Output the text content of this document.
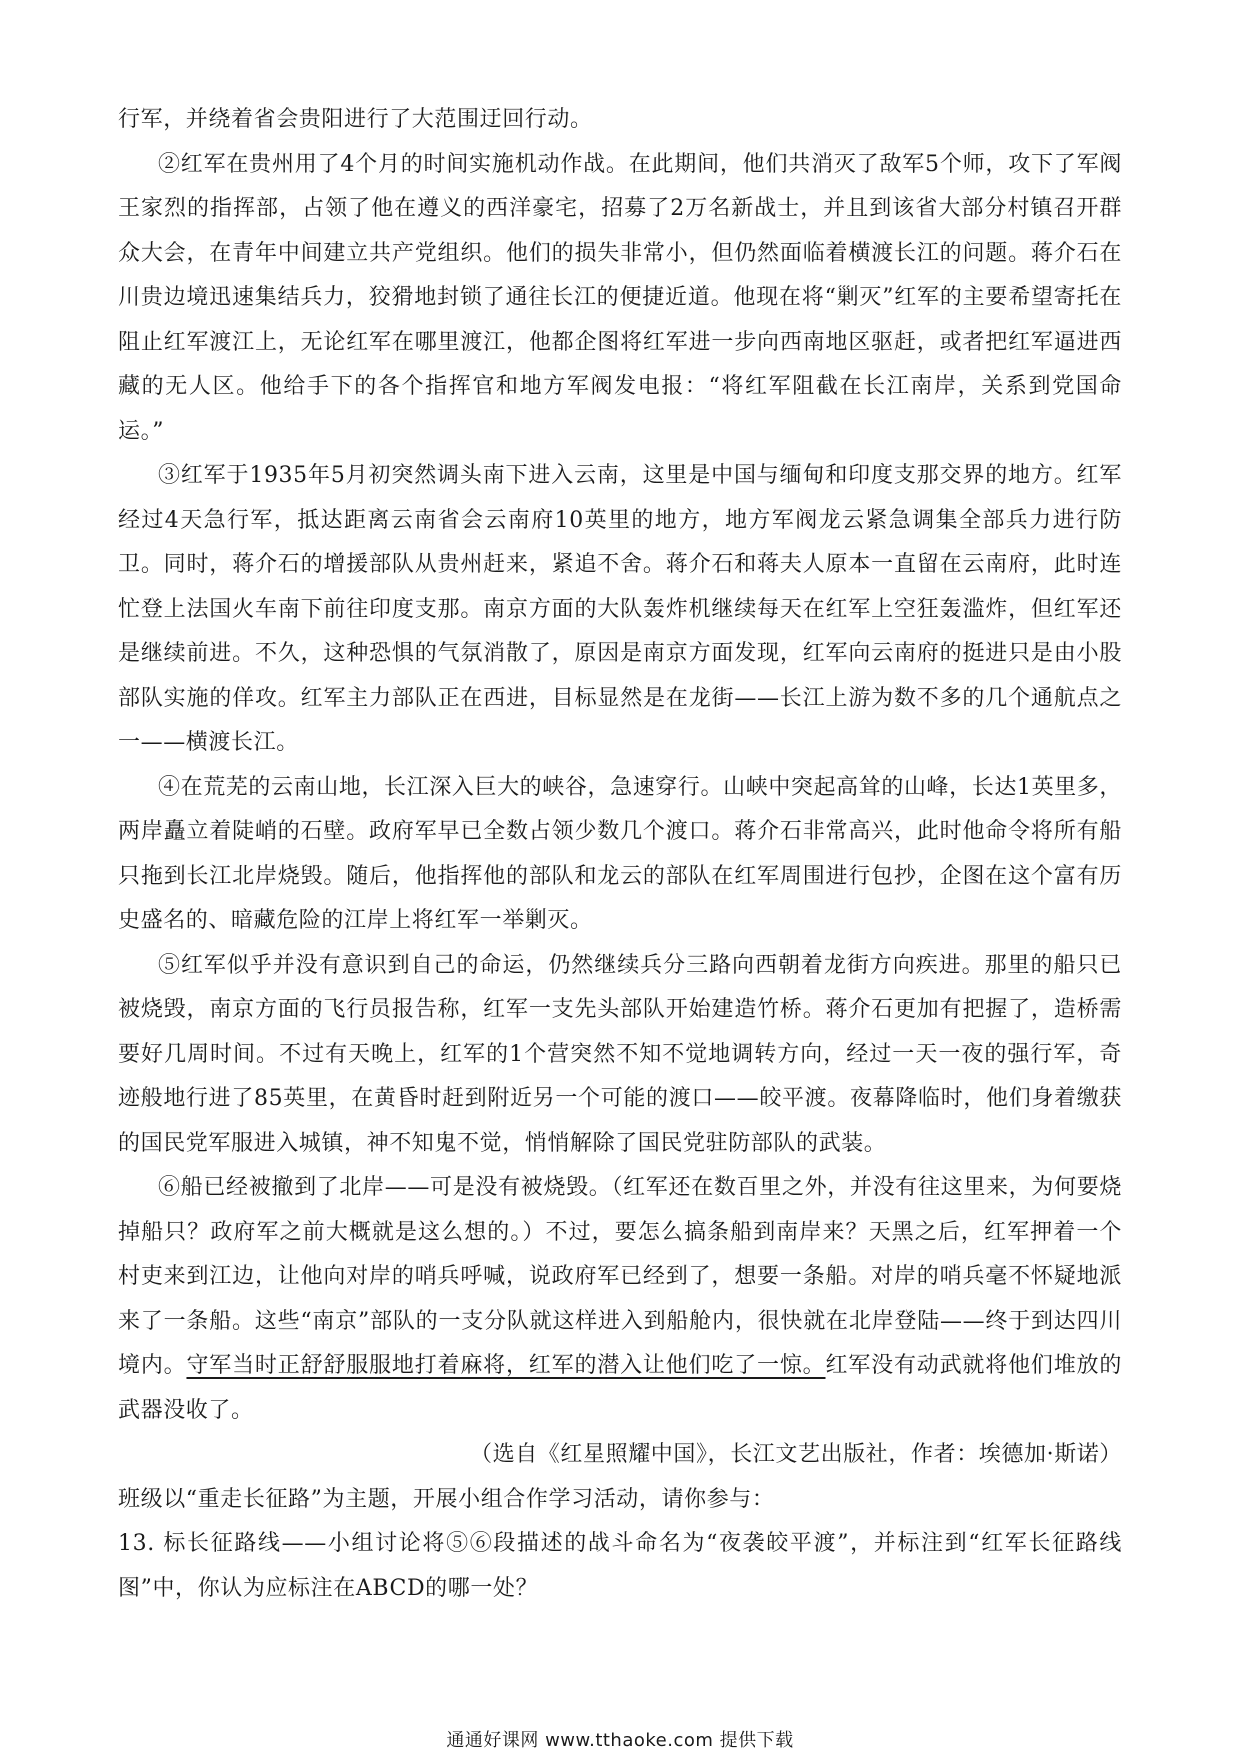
行军，并绕着省会贵阳进行了大范围迂回行动。

②红军在贵州用了4个月的时间实施机动作战。在此期间，他们共消灭了敌军5个师，攻下了军阀王家烈的指挥部，占领了他在遵义的西洋豪宅，招募了2万名新战士，并且到该省大部分村镇召开群众大会，在青年中间建立共产党组织。他们的损失非常小，但仍然面临着横渡长江的问题。蒋介石在川贵边境迅速集结兵力，狡猾地封锁了通往长江的便捷近道。他现在将“剿灭”红军的主要希望寄托在阻止红军渡江上，无论红军在哪里渡江，他都企图将红军进一步向西南地区驱赶，或者把红军逼进西藏的无人区。他给手下的各个指挥官和地方军阀发电报：“将红军阻截在长江南岸，关系到党国命运。”

③红军于1935年5月初突然调头南下进入云南，这里是中国与缅甸和印度支那交界的地方。红军经过4天急行军，抵达距离云南省会云南府10英里的地方，地方军阀龙云紧急调集全部兵力进行防卫。同时，蒋介石的增援部队从贵州赶来，紧追不舍。蒋介石和蒋夫人原本一直留在云南府，此时连忙登上法国火车南下前往印度支那。南京方面的大队轰炸机继续每天在红军上空狂轰滥炸，但红军还是继续前进。不久，这种恐惧的气氛消散了，原因是南京方面发现，红军向云南府的挺进只是由小股部队实施的佯攻。红军主力部队正在西进，目标显然是在龙街——长江上游为数不多的几个通航点之一——横渡长江。

④在荒芜的云南山地，长江深入巨大的峡谷，急速穿行。山峡中突起高耸的山峰，长达1英里多，两岸矗立着陡峭的石壁。政府军早已全数占领少数几个渡口。蒋介石非常高兴，此时他命令将所有船只拖到长江北岸烧毁。随后，他指挥他的部队和龙云的部队在红军周围进行包抄，企图在这个富有历史盛名的、暗藏危险的江岸上将红军一举剿灭。

⑤红军似乎并没有意识到自己的命运，仍然继续兵分三路向西朝着龙街方向疾进。那里的船只已被烧毁，南京方面的飞行员报告称，红军一支先头部队开始建造竹桥。蒋介石更加有把握了，造桥需要好几周时间。不过有天晚上，红军的1个营突然不知不觉地调转方向，经过一天一夜的强行军，奇迹般地行进了85英里，在黄昏时赶到附近另一个可能的渡口——皎平渡。夜幕降临时，他们身着缴获的国民党军服进入城镇，神不知鬼不觉，悄悄解除了国民党驻防部队的武装。

⑥船已经被撤到了北岸——可是没有被烧毁。（红军还在数百里之外，并没有往这里来，为何要烧掉船只？政府军之前大概就是这么想的。）不过，要怎么搞条船到南岸来？天黑之后，红军押着一个村吏来到江边，让他向对岸的哨兵呼喊，说政府军已经到了，想要一条船。对岸的哨兵毫不怀疑地派来了一条船。这些“南京”部队的一支分队就这样进入到船舱内，很快就在北岸登陆——终于到达四川境内。守军当时正舒舒服服地打着麻将，红军的潜入让他们吃了一惊。红军没有动武就将他们堆放的武器没收了。

（选自《红星照耀中国》，长江文艺出版社，作者：埃德加·斯诺）

班级以“重走长征路”为主题，开展小组合作学习活动，请你参与：

13. 标长征路线——小组讨论将⑤⑥段描述的战斗命名为“夜袭皎平渡”，并标注到“红军长征路线图”中，你认为应标注在ABCD的哪一处？

通通好课网 www.tthaoke.com 提供下载
